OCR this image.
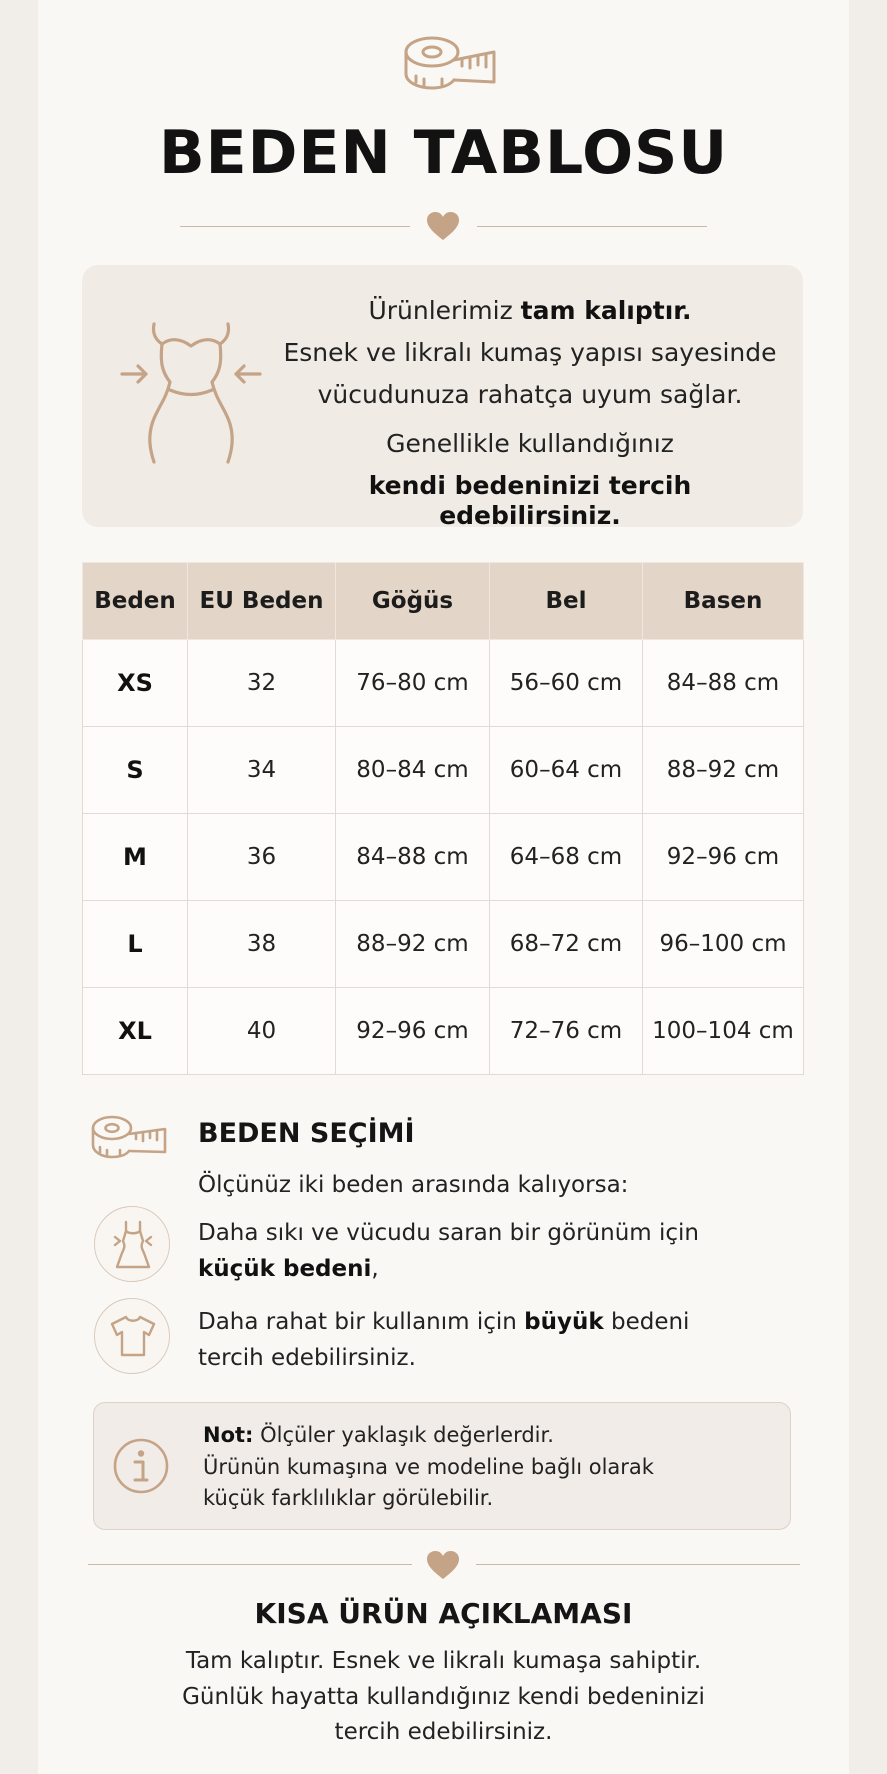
BEDEN TABLOSU
Ürünlerimiz tam kalıptır.
Esnek ve likralı kumaş yapısı sayesinde
vücudunuza rahatça uyum sağlar.
Genellikle kullandığınız
kendi bedeninizi tercih edebilirsiniz.
Beden	EU Beden	Göğüs	Bel	Basen
XS	32	76–80 cm	56–60 cm	84–88 cm
S	34	80–84 cm	60–64 cm	88–92 cm
M	36	84–88 cm	64–68 cm	92–96 cm
L	38	88–92 cm	68–72 cm	96–100 cm
XL	40	92–96 cm	72–76 cm	100–104 cm
BEDEN SEÇİMİ
Ölçünüz iki beden arasında kalıyorsa:
Daha sıkı ve vücudu saran bir görünüm için
küçük bedeni,
Daha rahat bir kullanım için büyük bedeni
tercih edebilirsiniz.
Not: Ölçüler yaklaşık değerlerdir.
Ürünün kumaşına ve modeline bağlı olarak
küçük farklılıklar görülebilir.
KISA ÜRÜN AÇIKLAMASI
Tam kalıptır. Esnek ve likralı kumaşa sahiptir.
Günlük hayatta kullandığınız kendi bedeninizi
tercih edebilirsiniz.
